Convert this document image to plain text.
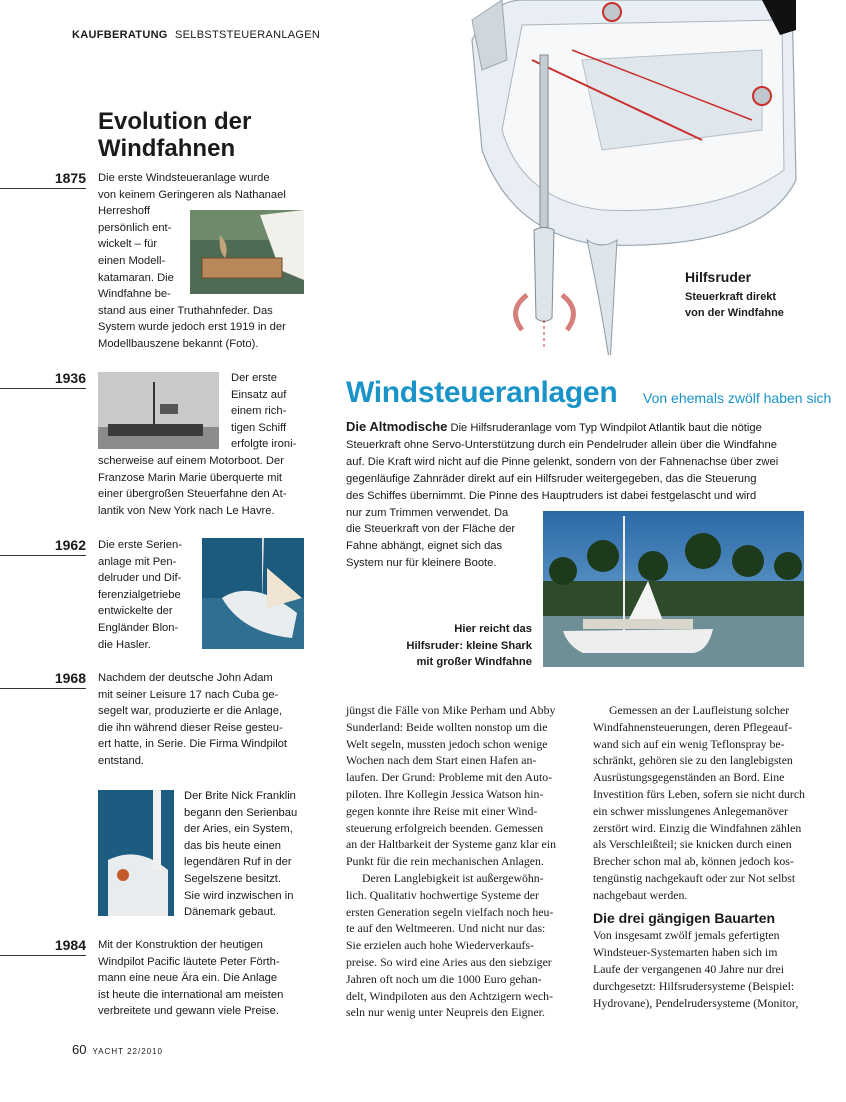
KAUFBERATUNG SELBSTSTEUERANLAGEN
Hilfsruder
Steuerkraft direkt
von der Windfahne
Evolution der
Windfahnen
1875 Die erste Windsteueranlage wurde
von keinem Geringeren als Nathanael
Herreshoff
persönlich ent-
wickelt – für
einen Modell-
katamaran. Die
Windfahne be-
stand aus einer Truthahnfeder. Das
System wurde jedoch erst 1919 in der
Modellbauszene bekannt (Foto).
1936	Der erste
Einsatz auf
einem rich-
tigen Schiff
erfolgte ironi-
scherweise auf einem Motorboot. Der
Franzose Marin Marie überquerte mit
einer übergroßen Steuerfahne den At-
lantik von New York nach Le Havre.
1962 Die erste Serien-
anlage mit Pen-
delruder und Dif-
ferenzialgetriebe
entwickelte der
Engländer Blon-
die Hasler.
1968 Nachdem der deutsche John Adam
mit seiner Leisure 17 nach Cuba ge-
segelt war, produzierte er die Anlage,
die ihn während dieser Reise gesteu-
ert hatte, in Serie. Die Firma Windpilot
entstand.
Der Brite Nick Franklin
begann den Serienbau
der Aries, ein System,
das bis heute einen
legendären Ruf in der
Segelszene besitzt.
Sie wird inzwischen in
Dänemark gebaut.
1984 Mit der Konstruktion der heutigen
Windpilot Pacific läutete Peter Förth-
mann eine neue Ära ein. Die Anlage
ist heute die international am meisten
verbreitete und gewann viele Preise.
Windsteueranlagen Von ehemals zwölf haben sich
Die Altmodische Die Hilfsruderanlage vom Typ Windpilot Atlantik baut die nötige
Steuerkraft ohne Servo-Unterstützung durch ein Pendelruder allein über die Windfahne
auf. Die Kraft wird nicht auf die Pinne gelenkt, sondern von der Fahnenachse über zwei
gegenläufige Zahnräder direkt auf ein Hilfsruder weitergegeben, das die Steuerung
des Schiffes übernimmt. Die Pinne des Hauptruders ist dabei festgelascht und wird
nur zum Trimmen verwendet. Da
die Steuerkraft von der Fläche der
Fahne abhängt, eignet sich das
System nur für kleinere Boote.
Hier reicht das
Hilfsruder: kleine Shark
mit großer Windfahne
jüngst die Fälle von Mike Perham und Abby
Sunderland: Beide wollten nonstop um die
Welt segeln, mussten jedoch schon wenige
Wochen nach dem Start einen Hafen an-
laufen. Der Grund: Probleme mit den Auto-
piloten. Ihre Kollegin Jessica Watson hin-
gegen konnte ihre Reise mit einer Wind-
steuerung erfolgreich beenden. Gemessen
an der Haltbarkeit der Systeme ganz klar ein
Punkt für die rein mechanischen Anlagen.
Deren Langlebigkeit ist außergewöhn-
lich. Qualitativ hochwertige Systeme der
ersten Generation segeln vielfach noch heu-
te auf den Weltmeeren. Und nicht nur das:
Sie erzielen auch hohe Wiederverkaufs-
preise. So wird eine Aries aus den siebziger
Jahren oft noch um die 1000 Euro gehan-
delt, Windpiloten aus den Achtzigern wech-
seln nur wenig unter Neupreis den Eigner.
Gemessen an der Laufleistung solcher
Windfahnensteuerungen, deren Pflegeauf-
wand sich auf ein wenig Teflonspray be-
schränkt, gehören sie zu den langlebigsten
Ausrüstungsgegenständen an Bord. Eine
Investition fürs Leben, sofern sie nicht durch
ein schwer misslungenes Anlegemanöver
zerstört wird. Einzig die Windfahnen zählen
als Verschleißteil; sie knicken durch einen
Brecher schon mal ab, können jedoch kos-
tengünstig nachgekauft oder zur Not selbst
nachgebaut werden.
Die drei gängigen Bauarten
Von insgesamt zwölf jemals gefertigten
Windsteuer-Systemarten haben sich im
Laufe der vergangenen 40 Jahre nur drei
durchgesetzt: Hilfsrudersysteme (Beispiel:
Hydrovane), Pendelrudersysteme (Monitor,
60 YACHT 22/2010
